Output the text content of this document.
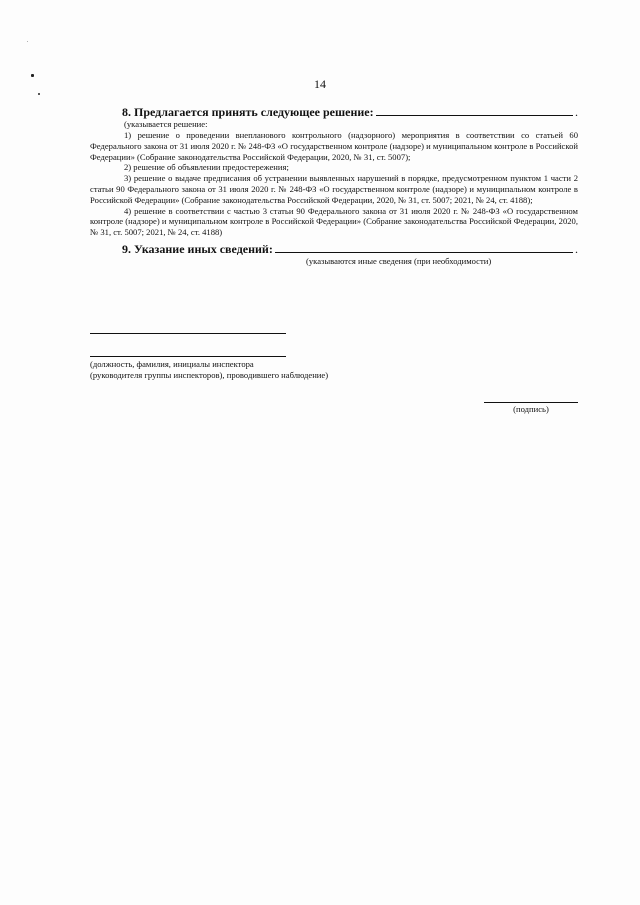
14
8. Предлагается принять следующее решение:	.
(указывается решение:

1) решение о проведении внепланового контрольного (надзорного) мероприятия в соответствии со статьей 60 Федерального закона от 31 июля 2020 г. № 248-ФЗ «О государственном контроле (надзоре) и муниципальном контроле в Российской Федерации» (Собрание законодательства Российской Федерации, 2020, № 31, ст. 5007);

2) решение об объявлении предостережения;

3) решение о выдаче предписания об устранении выявленных нарушений в порядке, предусмотренном пунктом 1 части 2 статьи 90 Федерального закона от 31 июля 2020 г. № 248-ФЗ «О государственном контроле (надзоре) и муниципальном контроле в Российской Федерации» (Собрание законодательства Российской Федерации, 2020, № 31, ст. 5007; 2021, № 24, ст. 4188);

4) решение в соответствии с частью 3 статьи 90 Федерального закона от 31 июля 2020 г. № 248-ФЗ «О государственном контроле (надзоре) и муниципальном контроле в Российской Федерации» (Собрание законодательства Российской Федерации, 2020, № 31, ст. 5007; 2021, № 24, ст. 4188)

9. Указание иных сведений:	.
(указываются иные сведения (при необходимости)
(должность, фамилия, инициалы инспектора
(руководителя группы инспекторов), проводившего наблюдение)
(подпись)
